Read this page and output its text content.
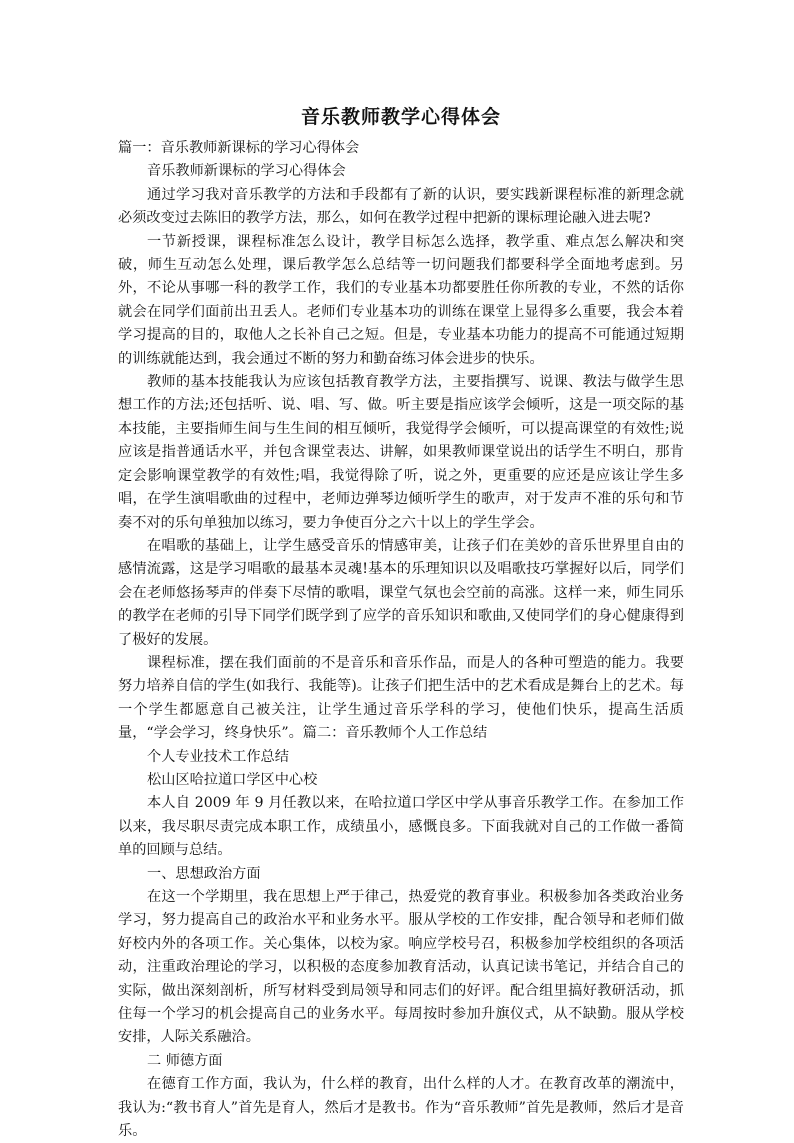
音乐教师教学心得体会

篇一：音乐教师新课标的学习心得体会

音乐教师新课标的学习心得体会

通过学习我对音乐教学的方法和手段都有了新的认识，要实践新课程标准的新理念就必须改变过去陈旧的教学方法，那么，如何在教学过程中把新的课标理论融入进去呢?

一节新授课，课程标准怎么设计，教学目标怎么选择，教学重、难点怎么解决和突破，师生互动怎么处理，课后教学怎么总结等一切问题我们都要科学全面地考虑到。另外，不论从事哪一科的教学工作，我们的专业基本功都要胜任你所教的专业，不然的话你就会在同学们面前出丑丢人。老师们专业基本功的训练在课堂上显得多么重要，我会本着学习提高的目的，取他人之长补自己之短。但是，专业基本功能力的提高不可能通过短期的训练就能达到，我会通过不断的努力和勤奋练习体会进步的快乐。

教师的基本技能我认为应该包括教育教学方法，主要指撰写、说课、教法与做学生思想工作的方法;还包括听、说、唱、写、做。听主要是指应该学会倾听，这是一项交际的基本技能，主要指师生间与生生间的相互倾听，我觉得学会倾听，可以提高课堂的有效性;说应该是指普通话水平，并包含课堂表达、讲解，如果教师课堂说出的话学生不明白，那肯定会影响课堂教学的有效性;唱，我觉得除了听，说之外，更重要的应还是应该让学生多唱，在学生演唱歌曲的过程中，老师边弹琴边倾听学生的歌声，对于发声不准的乐句和节奏不对的乐句单独加以练习，要力争使百分之六十以上的学生学会。

在唱歌的基础上，让学生感受音乐的情感审美，让孩子们在美妙的音乐世界里自由的感情流露，这是学习唱歌的最基本灵魂!基本的乐理知识以及唱歌技巧掌握好以后，同学们会在老师悠扬琴声的伴奏下尽情的歌唱，课堂气氛也会空前的高涨。这样一来，师生同乐的教学在老师的引导下同学们既学到了应学的音乐知识和歌曲,又使同学们的身心健康得到了极好的发展。

课程标准，摆在我们面前的不是音乐和音乐作品，而是人的各种可塑造的能力。我要努力培养自信的学生(如我行、我能等)。让孩子们把生活中的艺术看成是舞台上的艺术。每一个学生都愿意自己被关注，让学生通过音乐学科的学习，使他们快乐，提高生活质量，“学会学习，终身快乐”。篇二：音乐教师个人工作总结

个人专业技术工作总结

松山区哈拉道口学区中心校

本人自 2009 年 9 月任教以来，在哈拉道口学区中学从事音乐教学工作。在参加工作以来，我尽职尽责完成本职工作，成绩虽小，感慨良多。下面我就对自己的工作做一番简单的回顾与总结。

一、思想政治方面

在这一个学期里，我在思想上严于律己，热爱党的教育事业。积极参加各类政治业务学习，努力提高自己的政治水平和业务水平。服从学校的工作安排，配合领导和老师们做好校内外的各项工作。关心集体，以校为家。响应学校号召，积极参加学校组织的各项活动，注重政治理论的学习，以积极的态度参加教育活动，认真记读书笔记，并结合自己的实际，做出深刻剖析，所写材料受到局领导和同志们的好评。配合组里搞好教研活动，抓住每一个学习的机会提高自己的业务水平。每周按时参加升旗仪式，从不缺勤。服从学校安排，人际关系融洽。

二 师德方面

在德育工作方面，我认为，什么样的教育，出什么样的人才。在教育改革的潮流中，我认为:“教书育人”首先是育人，然后才是教书。作为“音乐教师”首先是教师，然后才是音乐。
